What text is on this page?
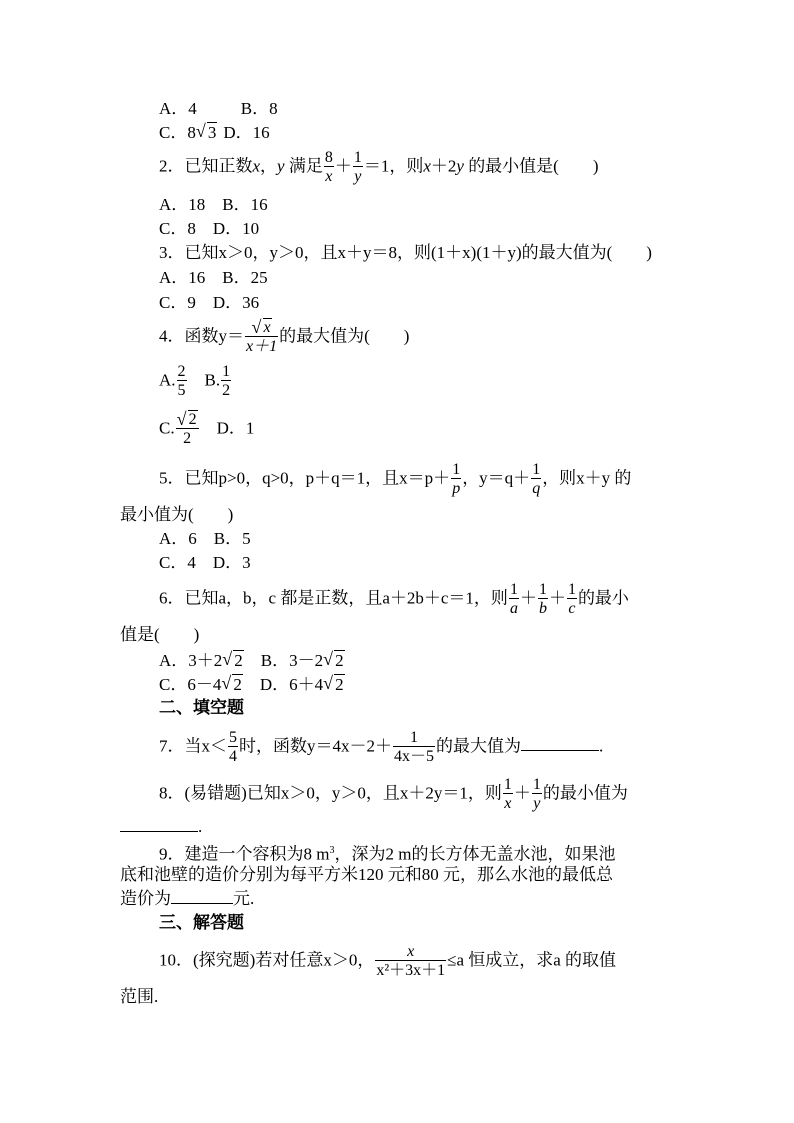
A．4	B．8
C．8 √ 3 D．16
2．已知正数x，y 满足 $\frac{8}{x} + \frac{1}{y} =1$，则x＋2y 的最小值是(　　)
A．18　B．16
C．8　D．10
3．已知x＞0，y＞0，且x＋y＝8，则(1＋x)(1＋y)的最大值为(　　)
A．16　B．25
C．9　D．36
4．函数y＝ √ $\frac{x}{x+1}$ 的最大值为(　　)
A. $\frac{2}{5}$ 　B. $\frac{1}{2}$
C. √ $\frac{2}{2}$ 　D．1
5．已知p>0，q>0，p＋q＝1，且$x=p+ \frac{1}{p}$ ，$y=q+ \frac{1}{q}$ ，则x＋y 的
最小值为(　　)
A．6　B．5
C．4　D．3
6．已知a，b，c 都是正数，且a＋2b＋c＝1，则 $\frac{1}{a} + \frac{1}{b} + \frac{1}{c}$ 的最小
值是(　　)
A．3＋2 √ 2　B．3－2 √ 2
C．6－4 √ 2　D．6＋4 √ 2
二、填空题
7．当$x< \frac{5}{4}$ 时，函数$y=4x-2+ \frac{1}{4x-5}$ 的最大值为	.
8．(易错题)已知x＞0，y＞0，且x＋2y＝1，则 $\frac{1}{x} + \frac{1}{y}$ 的最小值为
.
9．建造一个容积为8 $m^3$，深为2 m的长方体无盖水池，如果池
底和池壁的造价分别为每平方米120 元和80 元，那么水池的最低总
造价为	元.
三、解答题
10．(探究题)若对任意x＞0， $\frac{x}{\text{x²＋3x＋1}} \le a$ 恒成立，求a 的取值
范围.
